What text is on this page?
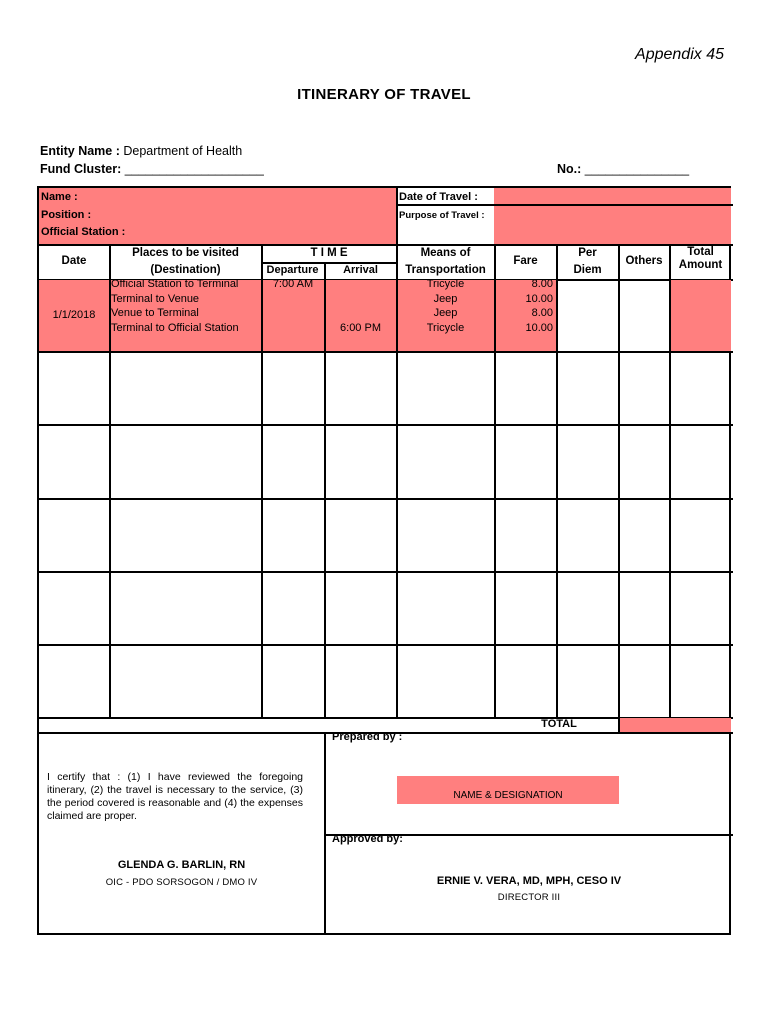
Appendix 45
ITINERARY OF TRAVEL
Entity Name : Department of Health
Fund Cluster: ____________________	No.: _______________
Name :
Position :
Official Station :
Date of Travel :
Purpose of Travel :
Date
Places to be visited
(Destination)
T I M E
Departure	Arrival
Means of
Transportation
Fare
Per
Diem
Others
Total
Amount
1/1/2018
Official Station to Terminal
Terminal to Venue
Venue to Terminal
Terminal to Official Station
7:00 AM
6:00 PM
Tricycle
Jeep
Jeep
Tricycle
8.00
10.00
8.00
10.00
TOTAL
I certify that : (1) I have reviewed the foregoing itinerary, (2) the travel is necessary to the service, (3) the period covered is reasonable and (4) the expenses claimed are proper.
GLENDA G. BARLIN, RN
OIC - PDO SORSOGON / DMO IV
Prepared by :
NAME & DESIGNATION
Approved by:
ERNIE V. VERA, MD, MPH, CESO IV
DIRECTOR III
